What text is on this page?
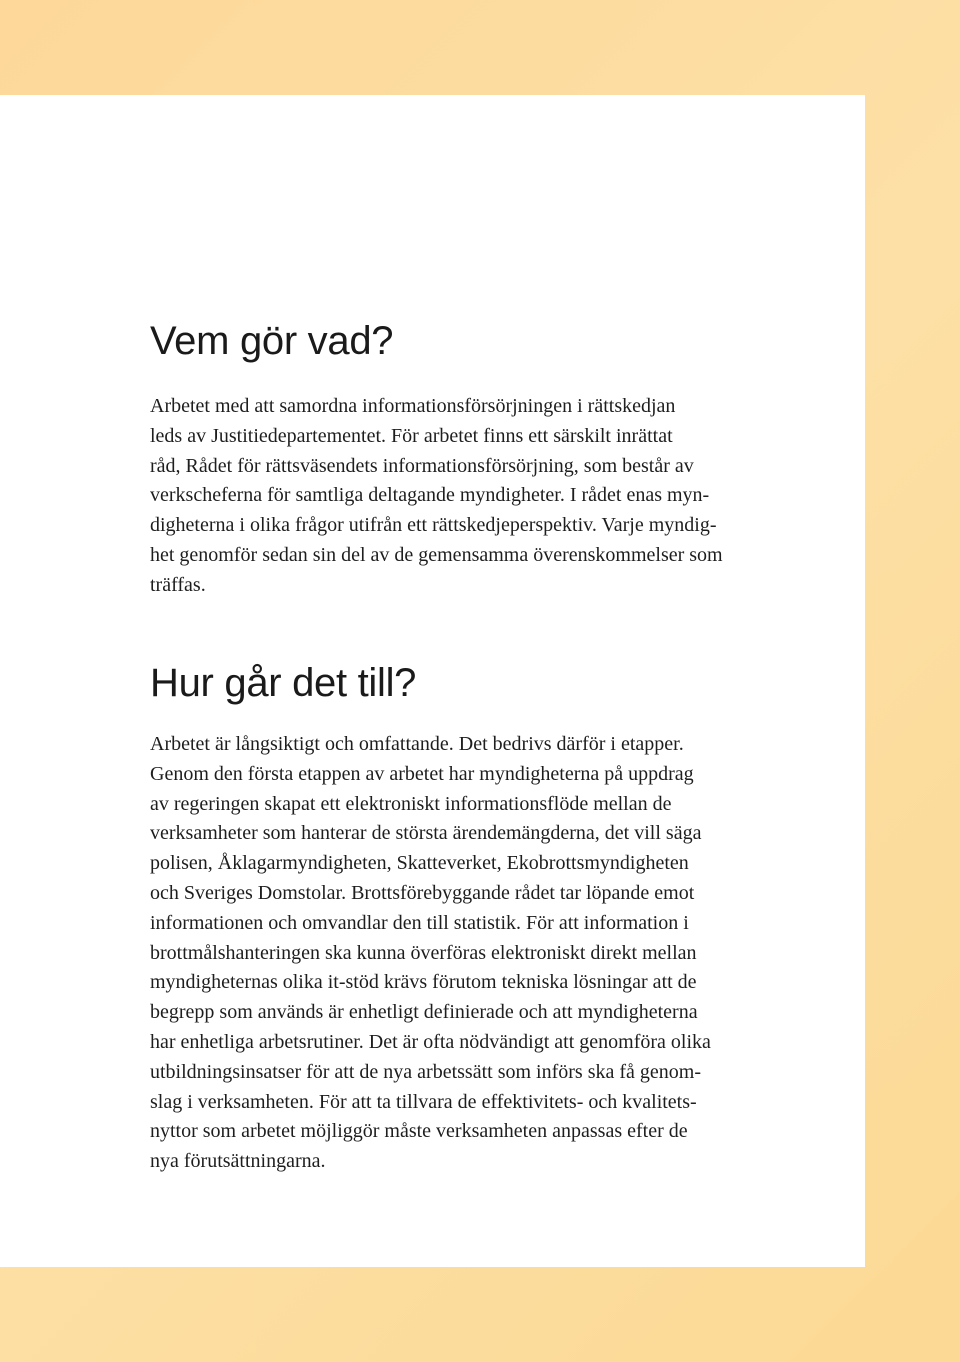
Vem gör vad?
Arbetet med att samordna informationsförsörjningen i rättskedjan
leds av Justitiedepartementet. För arbetet finns ett särskilt inrättat
råd, Rådet för rättsväsendets informationsförsörjning, som består av
verkscheferna för samtliga deltagande myndigheter. I rådet enas myn-
digheterna i olika frågor utifrån ett rättskedjeperspektiv. Varje myndig-
het genomför sedan sin del av de gemensamma överenskommelser som
träffas.
Hur går det till?
Arbetet är långsiktigt och omfattande. Det bedrivs därför i etapper.
Genom den första etappen av arbetet har myndigheterna på uppdrag
av regeringen skapat ett elektroniskt informationsflöde mellan de
verksamheter som hanterar de största ärendemängderna, det vill säga
polisen, Åklagarmyndigheten, Skatteverket, Ekobrottsmyndigheten
och Sveriges Domstolar. Brottsförebyggande rådet tar löpande emot
informationen och omvandlar den till statistik. För att information i
brottmålshanteringen ska kunna överföras elektroniskt direkt mellan
myndigheternas olika it-stöd krävs förutom tekniska lösningar att de
begrepp som används är enhetligt definierade och att myndigheterna
har enhetliga arbetsrutiner. Det är ofta nödvändigt att genomföra olika
utbildningsinsatser för att de nya arbetssätt som införs ska få genom-
slag i verksamheten. För att ta tillvara de effektivitets- och kvalitets-
nyttor som arbetet möjliggör måste verksamheten anpassas efter de
nya förutsättningarna.
